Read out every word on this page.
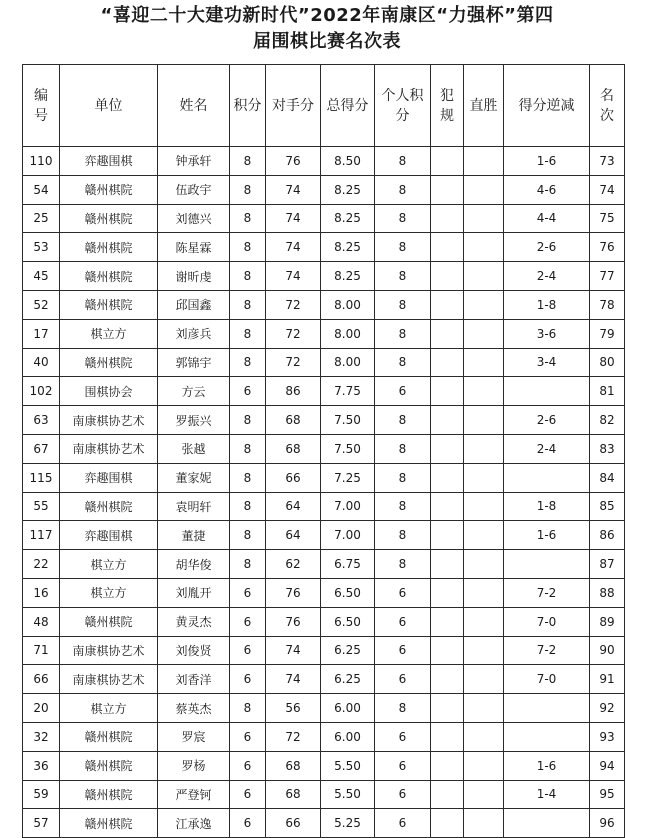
“喜迎二十大建功新时代”2022年南康区“力强杯”第四
届围棋比赛名次表
编号	单位	姓名	积分	对手分	总得分	个人积分	犯规	直胜	得分逆减	名次
110	弈趣围棋	钟承轩	8	76	8.50	8			1-6	73
54	赣州棋院	伍政宇	8	74	8.25	8			4-6	74
25	赣州棋院	刘德兴	8	74	8.25	8			4-4	75
53	赣州棋院	陈星霖	8	74	8.25	8			2-6	76
45	赣州棋院	谢昕虔	8	74	8.25	8			2-4	77
52	赣州棋院	邱国鑫	8	72	8.00	8			1-8	78
17	棋立方	刘彦兵	8	72	8.00	8			3-6	79
40	赣州棋院	郭锦宇	8	72	8.00	8			3-4	80
102	围棋协会	方云	6	86	7.75	6				81
63	南康棋协艺术	罗振兴	8	68	7.50	8			2-6	82
67	南康棋协艺术	张越	8	68	7.50	8			2-4	83
115	弈趣围棋	董家妮	8	66	7.25	8				84
55	赣州棋院	袁明轩	8	64	7.00	8			1-8	85
117	弈趣围棋	董捷	8	64	7.00	8			1-6	86
22	棋立方	胡华俊	8	62	6.75	8				87
16	棋立方	刘胤开	6	76	6.50	6			7-2	88
48	赣州棋院	黄灵杰	6	76	6.50	6			7-0	89
71	南康棋协艺术	刘俊贤	6	74	6.25	6			7-2	90
66	南康棋协艺术	刘香洋	6	74	6.25	6			7-0	91
20	棋立方	蔡英杰	8	56	6.00	8				92
32	赣州棋院	罗宸	6	72	6.00	6				93
36	赣州棋院	罗杨	6	68	5.50	6			1-6	94
59	赣州棋院	严登钶	6	68	5.50	6			1-4	95
57	赣州棋院	江承逸	6	66	5.25	6				96
